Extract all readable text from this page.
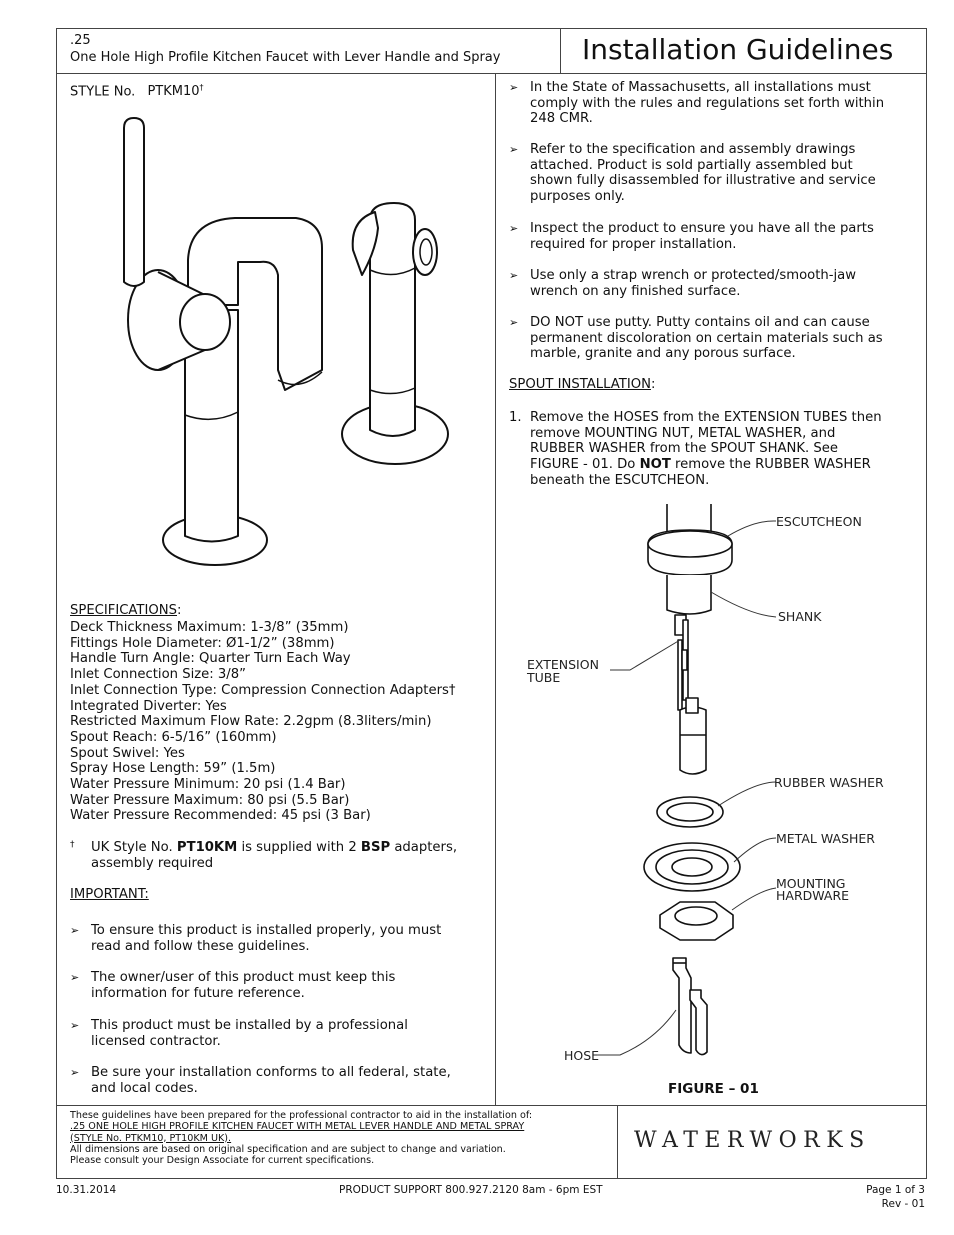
.25
One Hole High Profile Kitchen Faucet with Lever Handle and Spray	Installation Guidelines
STYLE No. PTKM10†
SPECIFICATIONS:
Deck Thickness Maximum: 1-3/8” (35mm)
Fittings Hole Diameter: Ø1-1/2” (38mm)
Handle Turn Angle: Quarter Turn Each Way
Inlet Connection Size: 3/8”
Inlet Connection Type: Compression Connection Adapters†
Integrated Diverter: Yes
Restricted Maximum Flow Rate: 2.2gpm (8.3liters/min)
Spout Reach: 6-5/16” (160mm)
Spout Swivel: Yes
Spray Hose Length: 59” (1.5m)
Water Pressure Minimum: 20 psi (1.4 Bar)
Water Pressure Maximum: 80 psi (5.5 Bar)
Water Pressure Recommended: 45 psi (3 Bar)
† UK Style No. PT10KM is supplied with 2 BSP adapters,
assembly required
IMPORTANT:
➢ To ensure this product is installed properly, you must
read and follow these guidelines.
➢ The owner/user of this product must keep this
information for future reference.
➢ This product must be installed by a professional
licensed contractor.
➢ Be sure your installation conforms to all federal, state,
and local codes.
➢ In the State of Massachusetts, all installations must
comply with the rules and regulations set forth within
248 CMR.
➢ Refer to the specification and assembly drawings
attached. Product is sold partially assembled but
shown fully disassembled for illustrative and service
purposes only.
➢ Inspect the product to ensure you have all the parts
required for proper installation.
➢ Use only a strap wrench or protected/smooth-jaw
wrench on any finished surface.
➢ DO NOT use putty. Putty contains oil and can cause
permanent discoloration on certain materials such as
marble, granite and any porous surface.
SPOUT INSTALLATION:
1. Remove the HOSES from the EXTENSION TUBES then
remove MOUNTING NUT, METAL WASHER, and
RUBBER WASHER from the SPOUT SHANK. See
FIGURE - 01. Do NOT remove the RUBBER WASHER
beneath the ESCUTCHEON.
ESCUTCHEON
SHANK
EXTENSION
TUBE
RUBBER WASHER
METAL WASHER
MOUNTING
HARDWARE
HOSE
FIGURE – 01
These guidelines have been prepared for the professional contractor to aid in the installation of:
.25 ONE HOLE HIGH PROFILE KITCHEN FAUCET WITH METAL LEVER HANDLE AND METAL SPRAY
(STYLE No. PTKM10, PT10KM UK).
All dimensions are based on original specification and are subject to change and variation.
Please consult your Design Associate for current specifications.
WATERWORKS
10.31.2014	PRODUCT SUPPORT 800.927.2120 8am - 6pm EST	Page 1 of 3
Rev - 01
